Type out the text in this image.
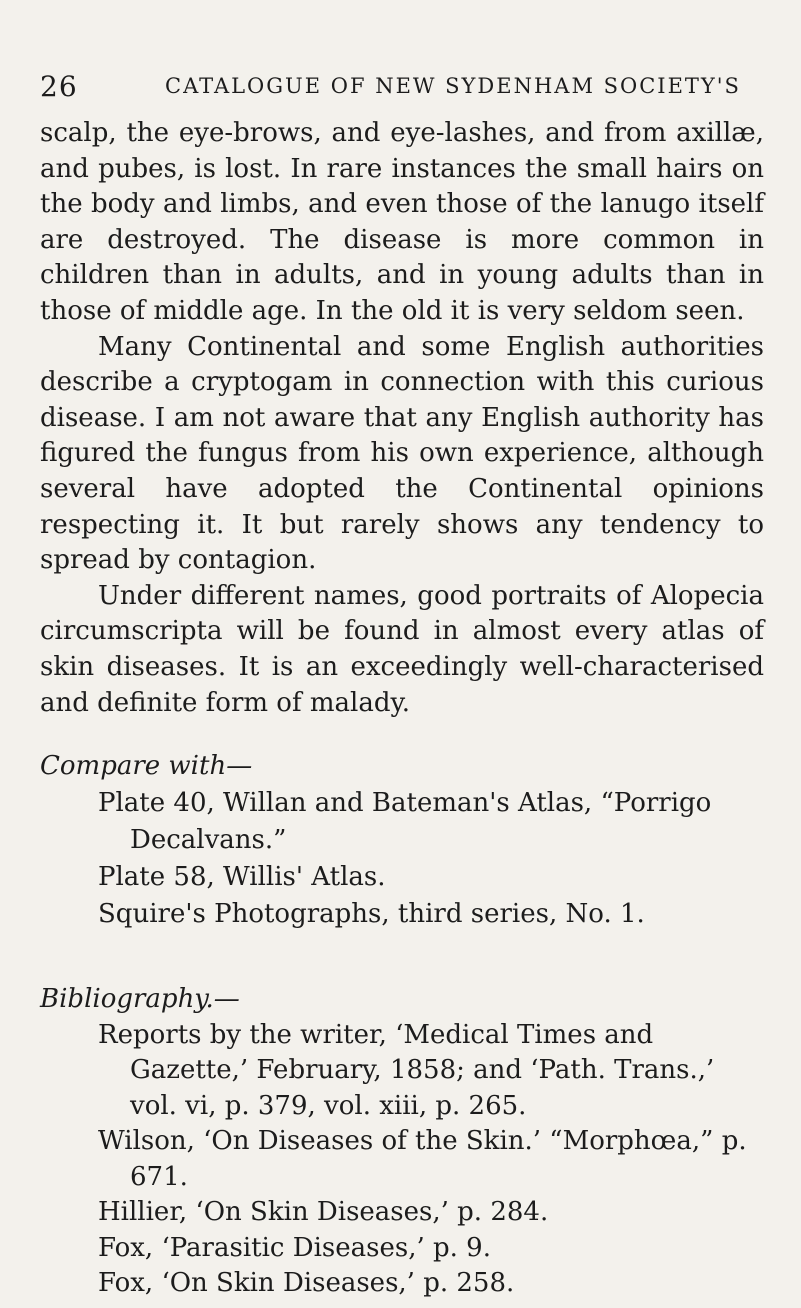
26	CATALOGUE OF NEW SYDENHAM SOCIETY'S

scalp, the eye-brows, and eye-lashes, and from axillæ, and pubes, is lost. In rare instances the small hairs on the body and limbs, and even those of the lanugo itself are destroyed. The disease is more common in children than in adults, and in young adults than in those of middle age. In the old it is very seldom seen.

Many Continental and some English authorities describe a cryptogam in connection with this curious disease. I am not aware that any English authority has figured the fungus from his own experience, although several have adopted the Continental opinions respecting it. It but rarely shows any tendency to spread by contagion.

Under different names, good portraits of Alopecia circumscripta will be found in almost every atlas of skin diseases. It is an exceedingly well-characterised and definite form of malady.

Compare with—

Plate 40, Willan and Bateman's Atlas, “Porrigo Decalvans.”

Plate 58, Willis' Atlas.

Squire's Photographs, third series, No. 1.

Bibliography.—

Reports by the writer, ‘Medical Times and Gazette,’ February, 1858; and ‘Path. Trans.,’ vol. vi, p. 379, vol. xiii, p. 265.

Wilson, ‘On Diseases of the Skin.’ “Morphœa,” p. 671.

Hillier, ‘On Skin Diseases,’ p. 284.

Fox, ‘Parasitic Diseases,’ p. 9.

Fox, ‘On Skin Diseases,’ p. 258.
